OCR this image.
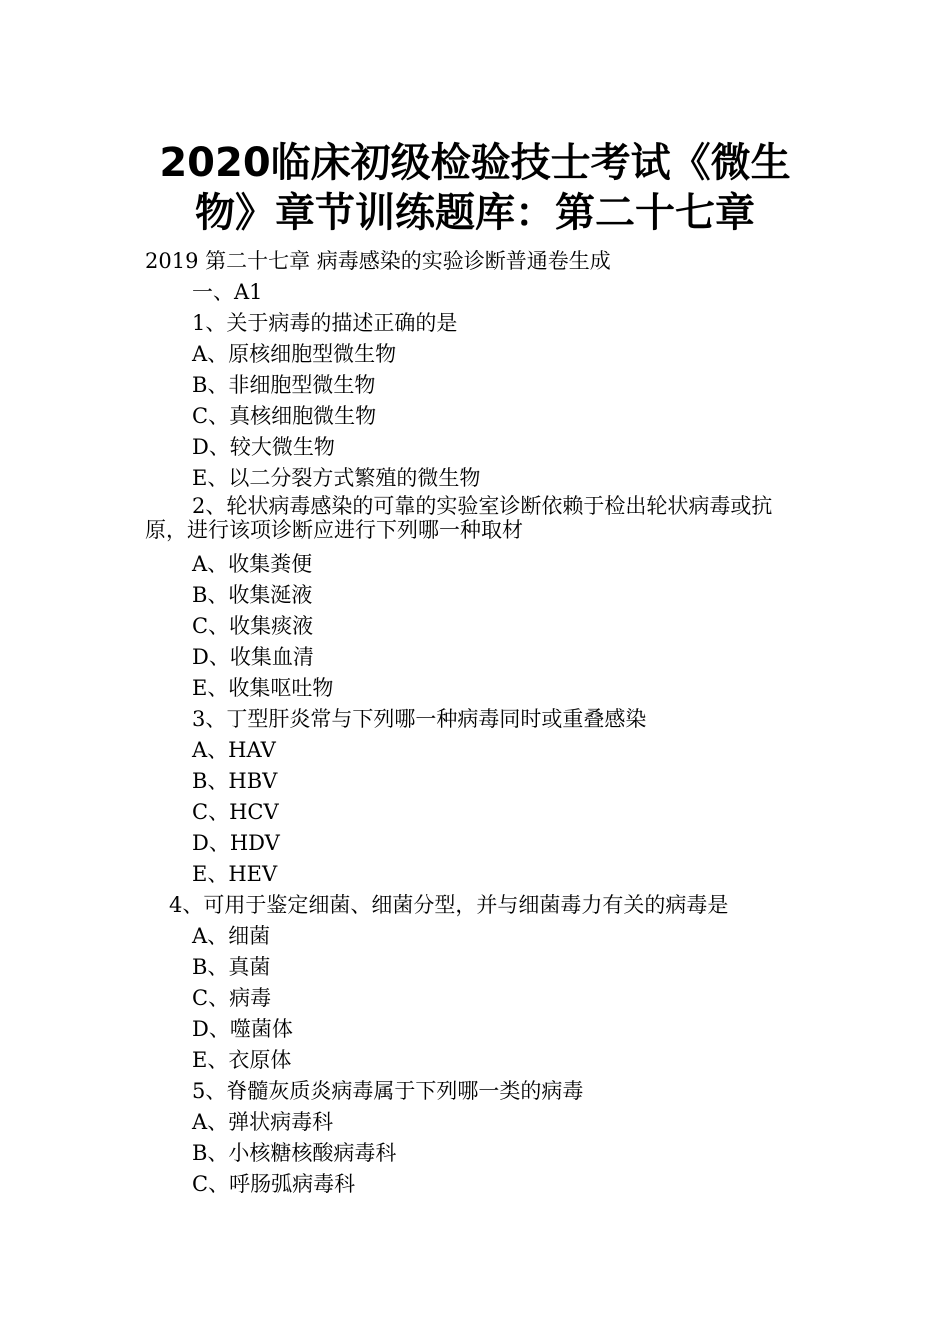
2020临床初级检验技士考试《微生
物》章节训练题库：第二十七章
2019 第二十七章 病毒感染的实验诊断普通卷生成
一、A1
1、关于病毒的描述正确的是
A、原核细胞型微生物
B、非细胞型微生物
C、真核细胞微生物
D、较大微生物
E、以二分裂方式繁殖的微生物
2、轮状病毒感染的可靠的实验室诊断依赖于检出轮状病毒或抗原，进行该项诊断应进行下列哪一种取材
A、收集粪便
B、收集涎液
C、收集痰液
D、收集血清
E、收集呕吐物
3、丁型肝炎常与下列哪一种病毒同时或重叠感染
A、HAV
B、HBV
C、HCV
D、HDV
E、HEV
4、可用于鉴定细菌、细菌分型，并与细菌毒力有关的病毒是
A、细菌
B、真菌
C、病毒
D、噬菌体
E、衣原体
5、脊髓灰质炎病毒属于下列哪一类的病毒
A、弹状病毒科
B、小核糖核酸病毒科
C、呼肠弧病毒科
